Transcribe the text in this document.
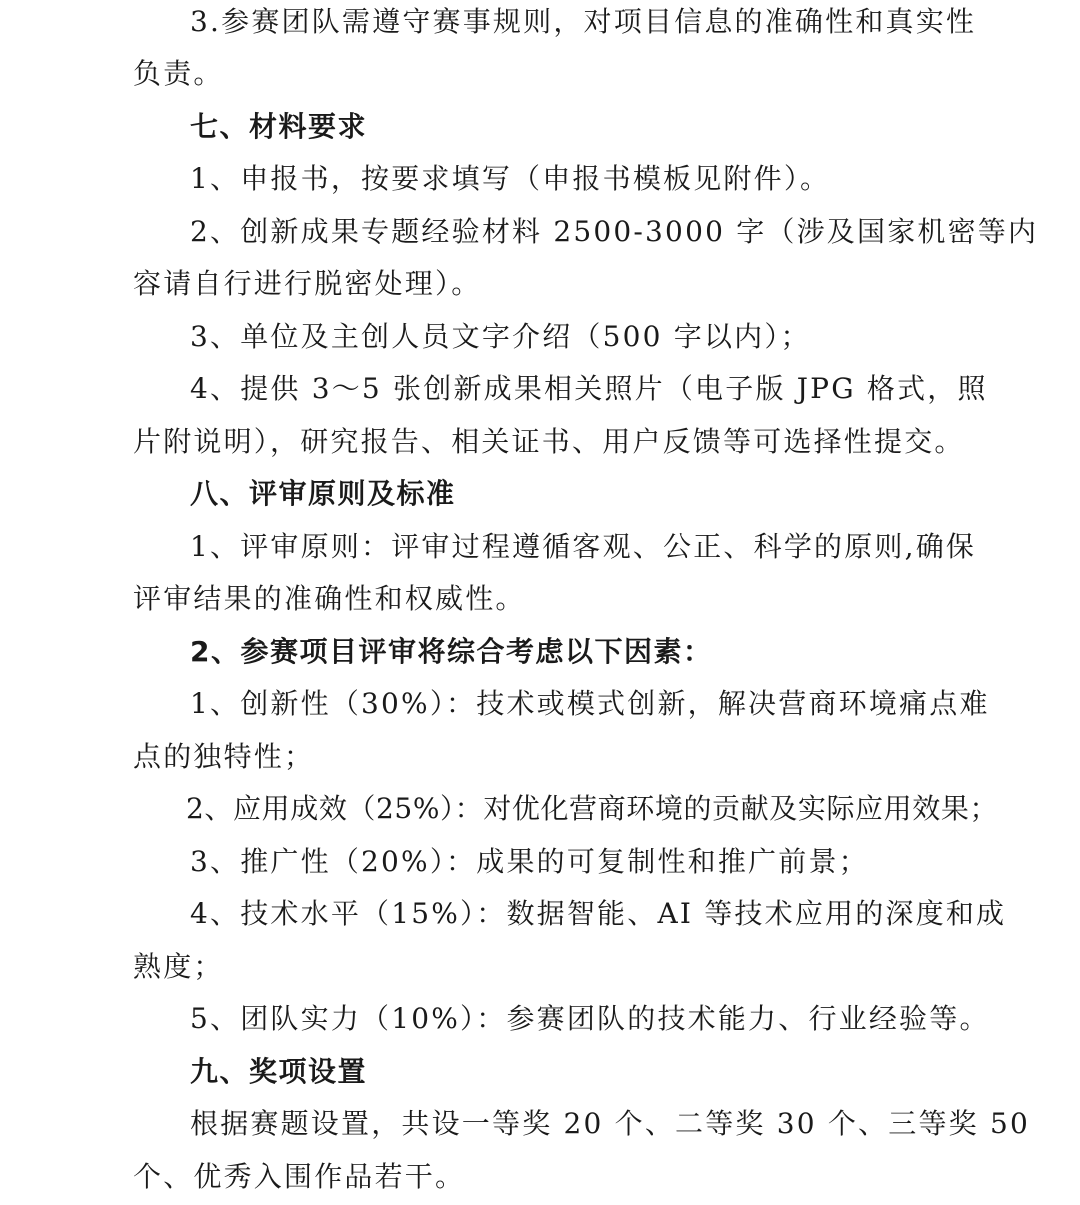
3.参赛团队需遵守赛事规则，对项目信息的准确性和真实性
负责。
七、材料要求
1、申报书，按要求填写（申报书模板见附件）。
2、创新成果专题经验材料 2500-3000 字（涉及国家机密等内
容请自行进行脱密处理）。
3、单位及主创人员文字介绍（500 字以内）；
4、提供 3～5 张创新成果相关照片（电子版 JPG 格式，照
片附说明），研究报告、相关证书、用户反馈等可选择性提交。
八、评审原则及标准
1、评审原则：评审过程遵循客观、公正、科学的原则,确保
评审结果的准确性和权威性。
2、参赛项目评审将综合考虑以下因素：
1、创新性（30%）：技术或模式创新，解决营商环境痛点难
点的独特性；
2、应用成效（25%）：对优化营商环境的贡献及实际应用效果；
3、推广性（20%）：成果的可复制性和推广前景；
4、技术水平（15%）：数据智能、AI 等技术应用的深度和成
熟度；
5、团队实力（10%）：参赛团队的技术能力、行业经验等。
九、奖项设置
根据赛题设置，共设一等奖 20 个、二等奖 30 个、三等奖 50
个、优秀入围作品若干。
